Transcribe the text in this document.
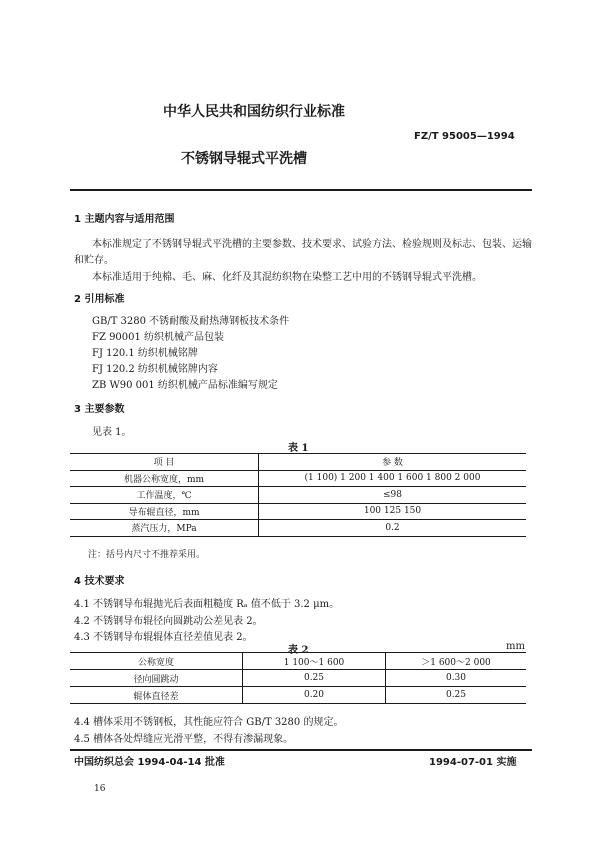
中华人民共和国纺织行业标准
FZ/T 95005—1994
不锈钢导辊式平洗槽
1 主题内容与适用范围
本标准规定了不锈钢导辊式平洗槽的主要参数、技术要求、试验方法、检验规则及标志、包装、运输
和贮存。
本标准适用于纯棉、毛、麻、化纤及其混纺织物在染整工艺中用的不锈钢导辊式平洗槽。
2 引用标准
GB/T 3280 不锈耐酸及耐热薄钢板技术条件
FZ 90001 纺织机械产品包装
FJ 120.1 纺织机械铭牌
FJ 120.2 纺织机械铭牌内容
ZB W90 001 纺织机械产品标准编写规定
3 主要参数
见表 1。
表 1
项 目	参 数
机器公称宽度，mm	(1 100) 1 200 1 400 1 600 1 800 2 000
工作温度，℃	≤98
导布辊直径，mm	100 125 150
蒸汽压力，MPa	0.2
注：括号内尺寸不推荐采用。
4 技术要求
4.1 不锈钢导布辊抛光后表面粗糙度 Rₐ 值不低于 3.2 μm。
4.2 不锈钢导布辊径向圆跳动公差见表 2。
4.3 不锈钢导布辊辊体直径差值见表 2。
表 2	mm
公称宽度	1 100～1 600	＞1 600～2 000
径向圆跳动	0.25	0.30
辊体直径差	0.20	0.25
4.4 槽体采用不锈钢板，其性能应符合 GB/T 3280 的规定。
4.5 槽体各处焊缝应光滑平整，不得有渗漏现象。
中国纺织总会 1994-04-14 批准	1994-07-01 实施
16
